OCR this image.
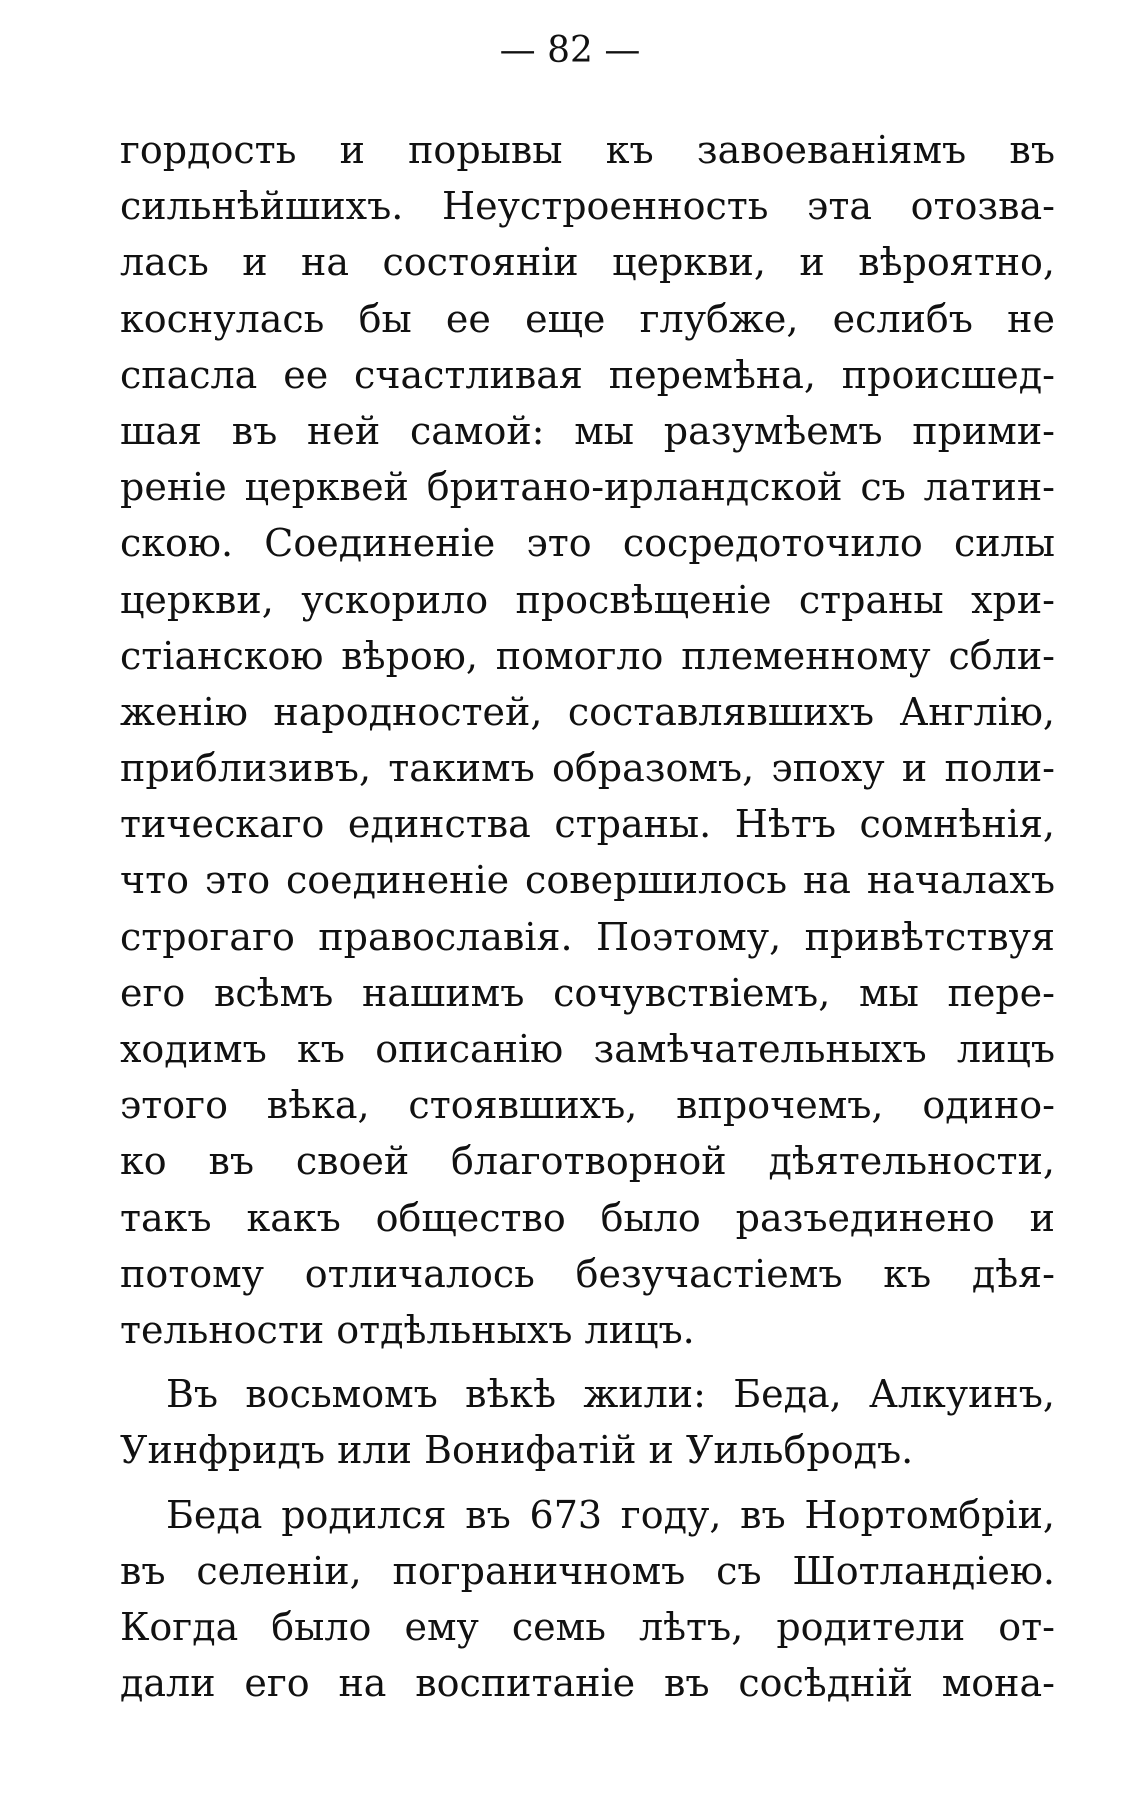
— 82 —
гордость и порывы къ завоеваніямъ въ
сильнѣйшихъ. Неустроенность эта отозва-
лась и на состояніи церкви, и вѣроятно,
коснулась бы ее еще глубже, еслибъ не
спасла ее счастливая перемѣна, происшед-
шая въ ней самой: мы разумѣемъ прими-
реніе церквей британо-ирландской съ латин-
скою. Соединеніе это сосредоточило силы
церкви, ускорило просвѣщеніе страны хри-
стіанскою вѣрою, помогло племенному сбли-
женію народностей, составлявшихъ Англію,
приблизивъ, такимъ образомъ, эпоху и поли-
тическаго единства страны. Нѣтъ сомнѣнія,
что это соединеніе совершилось на началахъ
строгаго православія. Поэтому, привѣтствуя
его всѣмъ нашимъ сочувствіемъ, мы пере-
ходимъ къ описанію замѣчательныхъ лицъ
этого вѣка, стоявшихъ, впрочемъ, одино-
ко въ своей благотворной дѣятельности,
такъ какъ общество было разъединено и
потому отличалось безучастіемъ къ дѣя-
тельности отдѣльныхъ лицъ.
Въ восьмомъ вѣкѣ жили: Беда, Алкуинъ,
Уинфридъ или Вонифатій и Уильбродъ.
Беда родился въ 673 году, въ Нортомбріи,
въ селеніи, пограничномъ съ Шотландіею.
Когда было ему семь лѣтъ, родители от-
дали его на воспитаніе въ сосѣдній мона-
